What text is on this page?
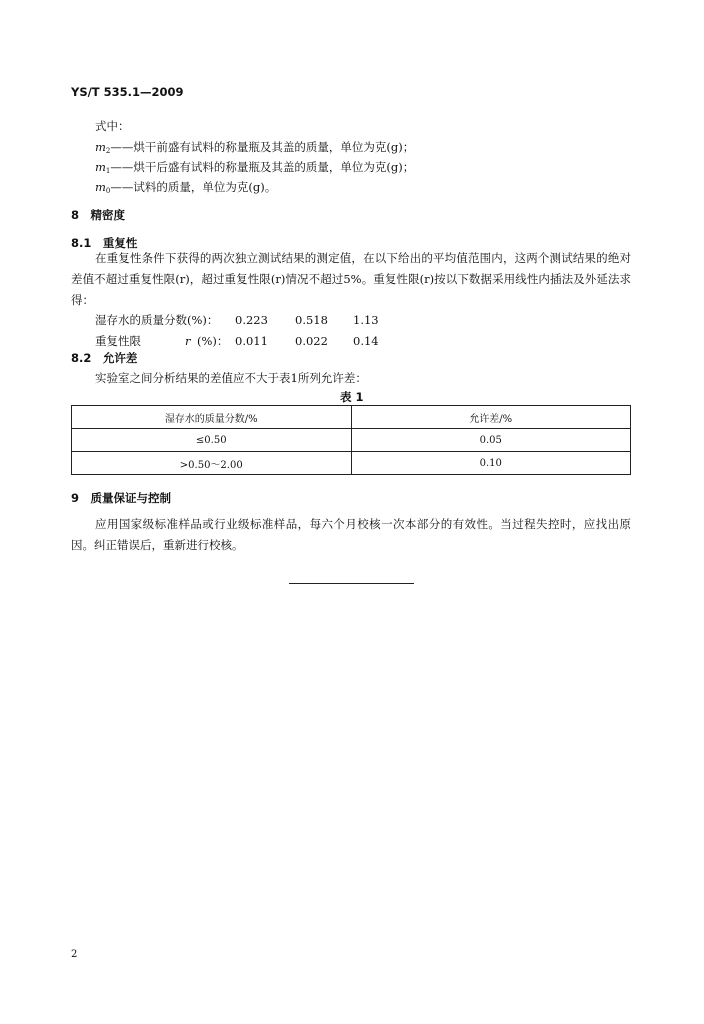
YS/T 535.1—2009
式中：
$m_2——$烘干前盛有试料的称量瓶及其盖的质量，单位为克(g)；
$m_1——$烘干后盛有试料的称量瓶及其盖的质量，单位为克(g)；
$m_0——$试料的质量，单位为克(g)。
8　精密度
8.1　重复性
在重复性条件下获得的两次独立测试结果的测定值，在以下给出的平均值范围内，这两个测试结果的绝对差值不超过重复性限(r)，超过重复性限(r)情况不超过5%。重复性限(r)按以下数据采用线性内插法及外延法求得：
湿存水的质量分数(%)： 0.223 0.518 1.13
重复性限	r (%)： 0.011 0.022 0.14
8.2　允许差
实验室之间分析结果的差值应不大于表1所列允许差：
表 1
湿存水的质量分数/%	允许差/%
≤0.50	0.05
>0.50～2.00	0.10
9　质量保证与控制
应用国家级标准样品或行业级标准样品，每六个月校核一次本部分的有效性。当过程失控时，应找出原因。纠正错误后，重新进行校核。
2
